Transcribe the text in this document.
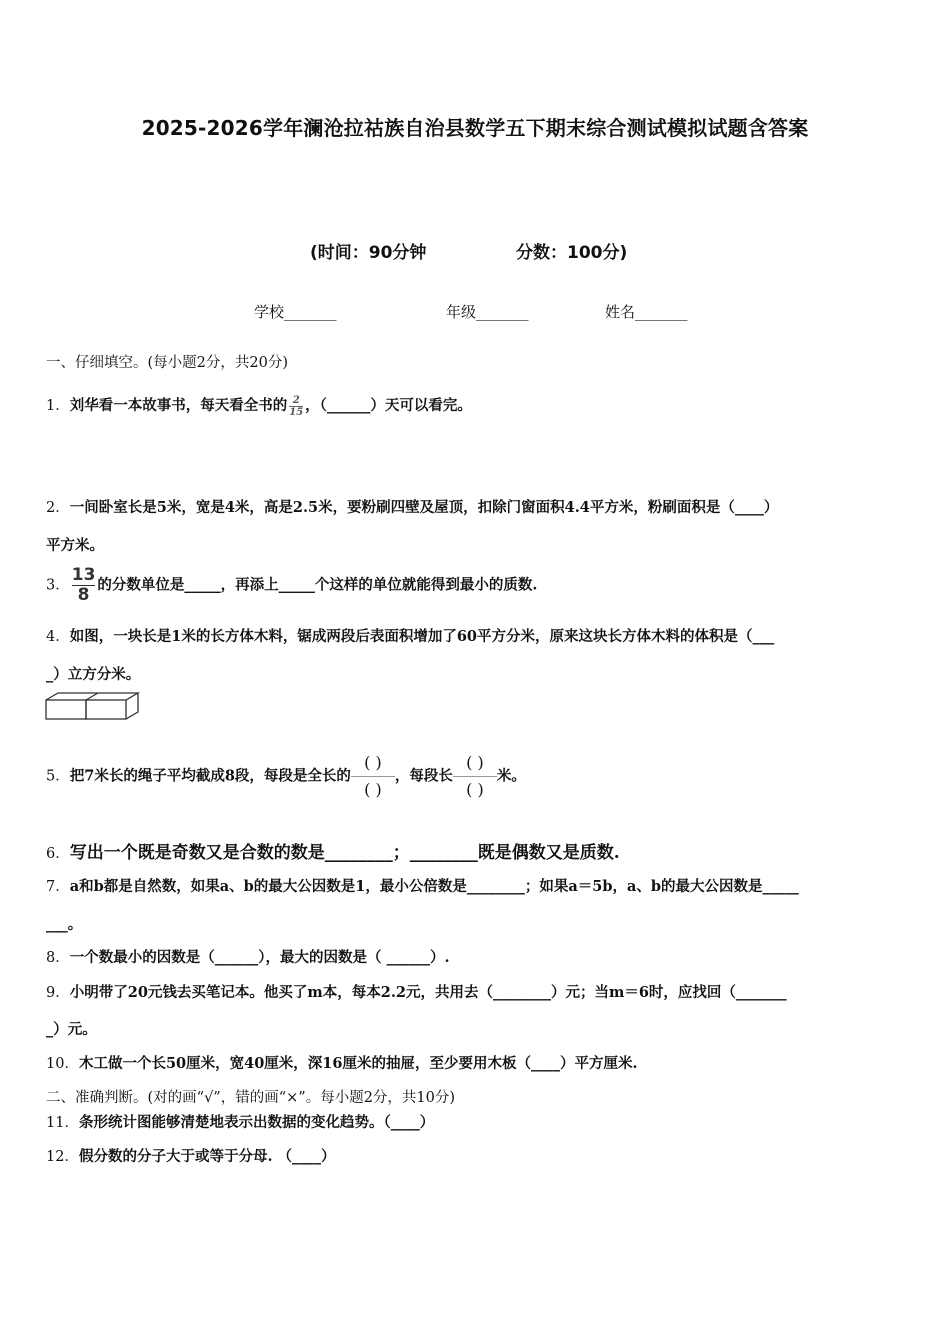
2025-2026学年澜沧拉祜族自治县数学五下期末综合测试模拟试题含答案
(时间：90分钟	分数：100分)
学校_______	年级_______	姓名_______
一、仔细填空。(每小题2分，共20分)
1．刘华看一本故事书，每天看全书的 $\frac{2}{15}$ ，（______）天可以看完。
2．一间卧室长是5米，宽是4米，高是2.5米，要粉刷四壁及屋顶，扣除门窗面积4.4平方米，粉刷面积是（____）
平方米。
3． $\frac{13}{8}$ 的分数单位是_____，再添上_____个这样的单位就能得到最小的质数.
4．如图，一块长是1米的长方体木料，锯成两段后表面积增加了60平方分米，原来这块长方体木料的体积是（___
_）立方分米。
5．把7米长的绳子平均截成8段，每段是全长的 $\frac{( )}{( )}$ ，每段长 $\frac{( )}{( )}$ 米。
6．写出一个既是奇数又是合数的数是________；________既是偶数又是质数.
7．a和b都是自然数，如果a、b的最大公因数是1，最小公倍数是________；如果a＝5b，a、b的最大公因数是_____
___。
8．一个数最小的因数是（______），最大的因数是（ ______）.
9．小明带了20元钱去买笔记本。他买了m本，每本2.2元，共用去（________）元；当m＝6时，应找回（_______
_）元。
10．木工做一个长50厘米，宽40厘米，深16厘米的抽屉，至少要用木板（____）平方厘米.
二、准确判断。(对的画“√”，错的画“×”。每小题2分，共10分)
11．条形统计图能够清楚地表示出数据的变化趋势。（____）
12．假分数的分子大于或等于分母. （____）
